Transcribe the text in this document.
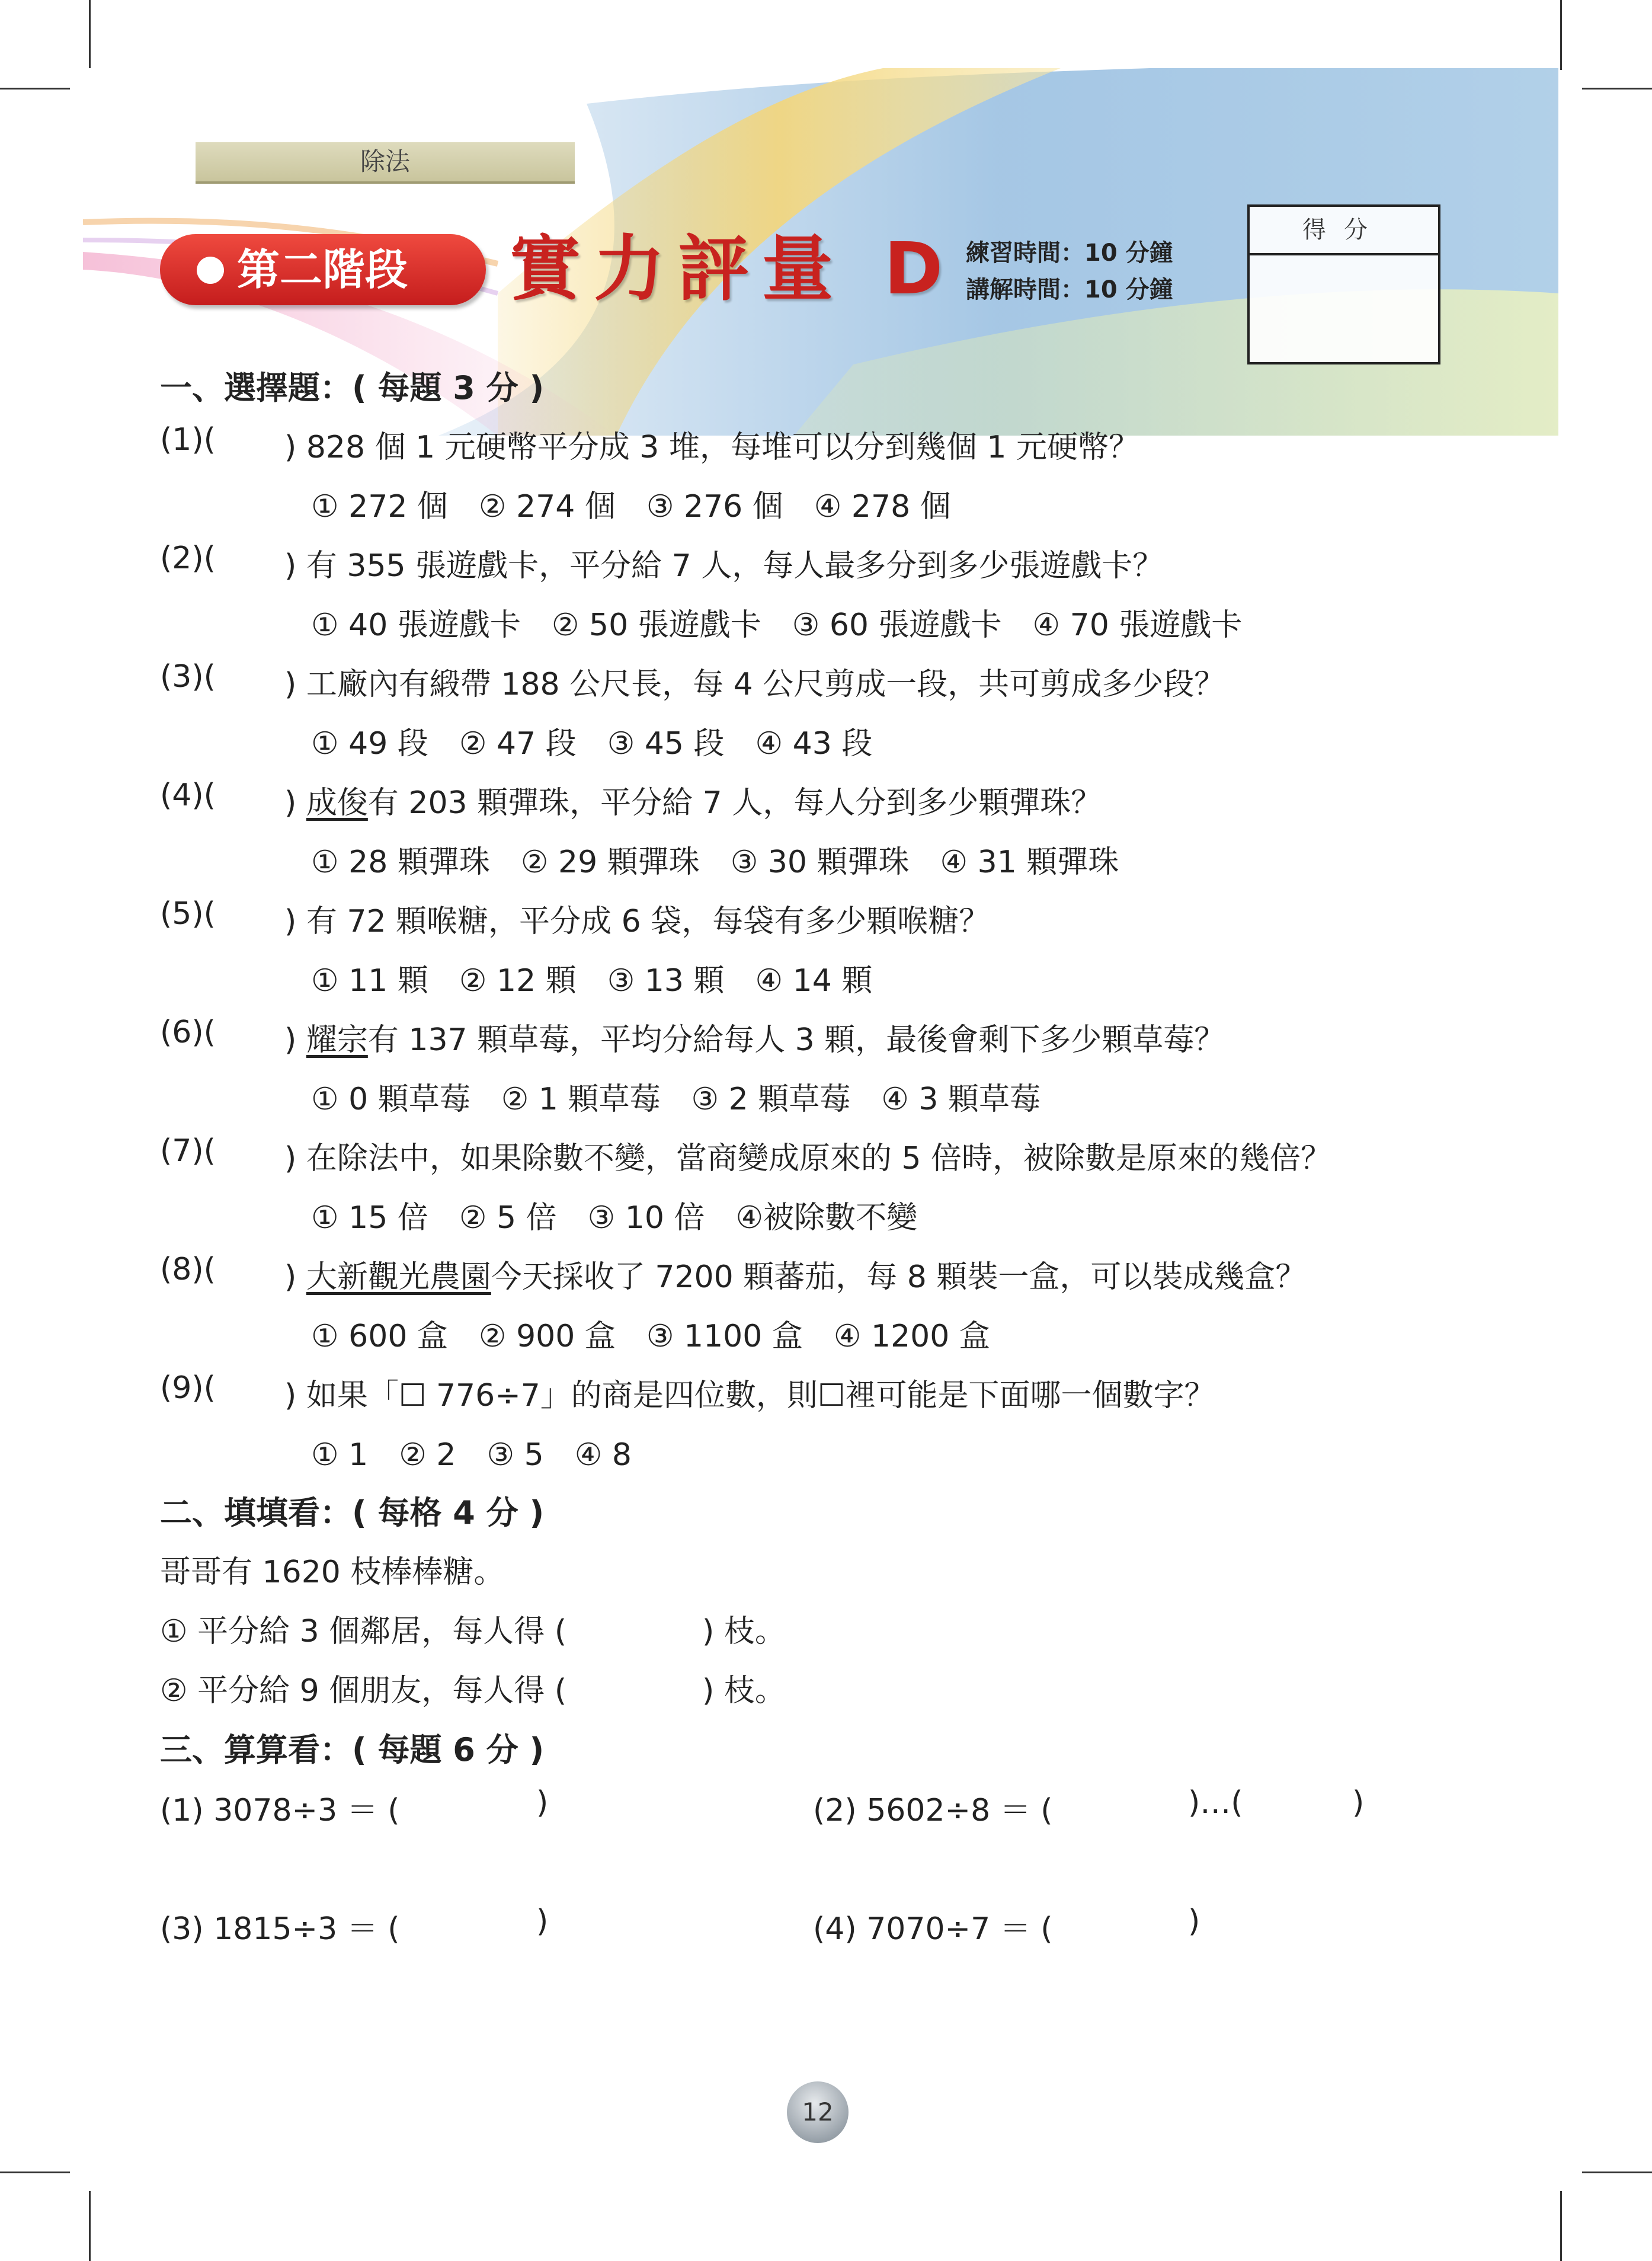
除法
第二階段 實力評量 D 練習時間：10 分鐘
講解時間：10 分鐘
得分
一、選擇題：( 每題 3 分 )
(1)( ) 828 個 1 元硬幣平分成 3 堆，每堆可以分到幾個 1 元硬幣？
① 272 個　② 274 個　③ 276 個　④ 278 個
(2)( ) 有 355 張遊戲卡，平分給 7 人，每人最多分到多少張遊戲卡？
① 40 張遊戲卡　② 50 張遊戲卡　③ 60 張遊戲卡　④ 70 張遊戲卡
(3)( ) 工廠內有緞帶 188 公尺長，每 4 公尺剪成一段，共可剪成多少段？
① 49 段　② 47 段　③ 45 段　④ 43 段
(4)( ) 成俊有 203 顆彈珠，平分給 7 人，每人分到多少顆彈珠？
① 28 顆彈珠　② 29 顆彈珠　③ 30 顆彈珠　④ 31 顆彈珠
(5)( ) 有 72 顆喉糖，平分成 6 袋，每袋有多少顆喉糖？
① 11 顆　② 12 顆　③ 13 顆　④ 14 顆
(6)( ) 耀宗有 137 顆草莓，平均分給每人 3 顆，最後會剩下多少顆草莓？
① 0 顆草莓　② 1 顆草莓　③ 2 顆草莓　④ 3 顆草莓
(7)( ) 在除法中，如果除數不變，當商變成原來的 5 倍時，被除數是原來的幾倍？
① 15 倍　② 5 倍　③ 10 倍　④被除數不變
(8)( ) 大新觀光農園今天採收了 7200 顆蕃茄，每 8 顆裝一盒，可以裝成幾盒？
① 600 盒　② 900 盒　③ 1100 盒　④ 1200 盒
(9)( ) 如果「☐ 776÷7」的商是四位數，則☐裡可能是下面哪一個數字？
① 1　② 2　③ 5　④ 8
二、填填看：( 每格 4 分 )
哥哥有 1620 枝棒棒糖。
① 平分給 3 個鄰居，每人得 (	) 枝。
② 平分給 9 個朋友，每人得 (	) 枝。
三、算算看：( 每題 6 分 )
(1) 3078÷3 ＝ (	)	(2) 5602÷8 ＝ (	)…(	)
(3) 1815÷3 ＝ (	)	(4) 7070÷7 ＝ (	)
12
